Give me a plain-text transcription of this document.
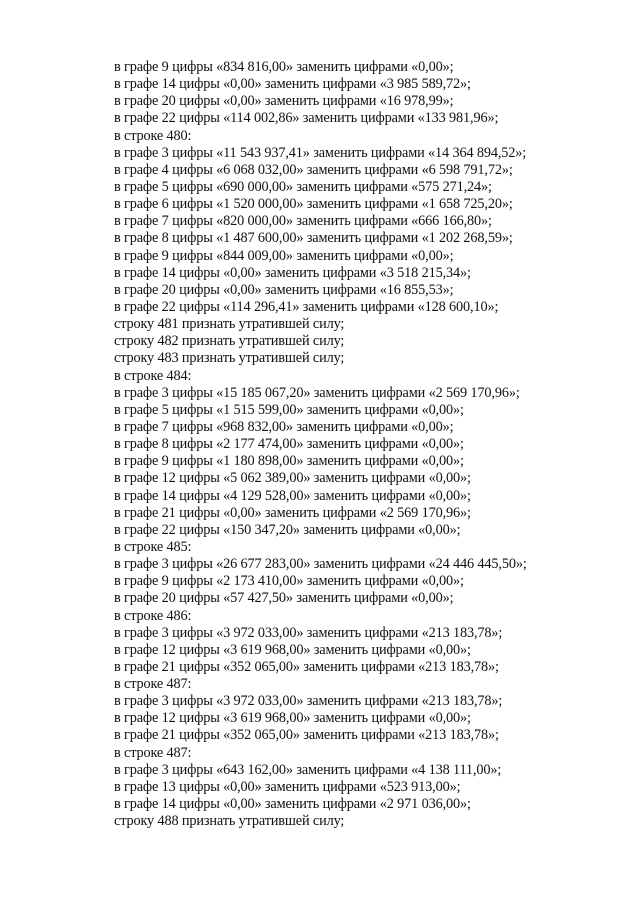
в графе 9 цифры «834 816,00» заменить цифрами «0,00»;
в графе 14 цифры «0,00» заменить цифрами «3 985 589,72»;
в графе 20 цифры «0,00» заменить цифрами «16 978,99»;
в графе 22 цифры «114 002,86» заменить цифрами «133 981,96»;
в строке 480:
в графе 3 цифры «11 543 937,41» заменить цифрами «14 364 894,52»;
в графе 4 цифры «6 068 032,00» заменить цифрами «6 598 791,72»;
в графе 5 цифры «690 000,00» заменить цифрами «575 271,24»;
в графе 6 цифры «1 520 000,00» заменить цифрами «1 658 725,20»;
в графе 7 цифры «820 000,00» заменить цифрами «666 166,80»;
в графе 8 цифры «1 487 600,00» заменить цифрами «1 202 268,59»;
в графе 9 цифры «844 009,00» заменить цифрами «0,00»;
в графе 14 цифры «0,00» заменить цифрами «3 518 215,34»;
в графе 20 цифры «0,00» заменить цифрами «16 855,53»;
в графе 22 цифры «114 296,41» заменить цифрами «128 600,10»;
строку 481 признать утратившей силу;
строку 482 признать утратившей силу;
строку 483 признать утратившей силу;
в строке 484:
в графе 3 цифры «15 185 067,20» заменить цифрами «2 569 170,96»;
в графе 5 цифры «1 515 599,00» заменить цифрами «0,00»;
в графе 7 цифры «968 832,00» заменить цифрами «0,00»;
в графе 8 цифры «2 177 474,00» заменить цифрами «0,00»;
в графе 9 цифры «1 180 898,00» заменить цифрами «0,00»;
в графе 12 цифры «5 062 389,00» заменить цифрами «0,00»;
в графе 14 цифры «4 129 528,00» заменить цифрами «0,00»;
в графе 21 цифры «0,00» заменить цифрами «2 569 170,96»;
в графе 22 цифры «150 347,20» заменить цифрами «0,00»;
в строке 485:
в графе 3 цифры «26 677 283,00» заменить цифрами «24 446 445,50»;
в графе 9 цифры «2 173 410,00» заменить цифрами «0,00»;
в графе 20 цифры «57 427,50» заменить цифрами «0,00»;
в строке 486:
в графе 3 цифры «3 972 033,00» заменить цифрами «213 183,78»;
в графе 12 цифры «3 619 968,00» заменить цифрами «0,00»;
в графе 21 цифры «352 065,00» заменить цифрами «213 183,78»;
в строке 487:
в графе 3 цифры «3 972 033,00» заменить цифрами «213 183,78»;
в графе 12 цифры «3 619 968,00» заменить цифрами «0,00»;
в графе 21 цифры «352 065,00» заменить цифрами «213 183,78»;
в строке 487:
в графе 3 цифры «643 162,00» заменить цифрами «4 138 111,00»;
в графе 13 цифры «0,00» заменить цифрами «523 913,00»;
в графе 14 цифры «0,00» заменить цифрами «2 971 036,00»;
строку 488 признать утратившей силу;
